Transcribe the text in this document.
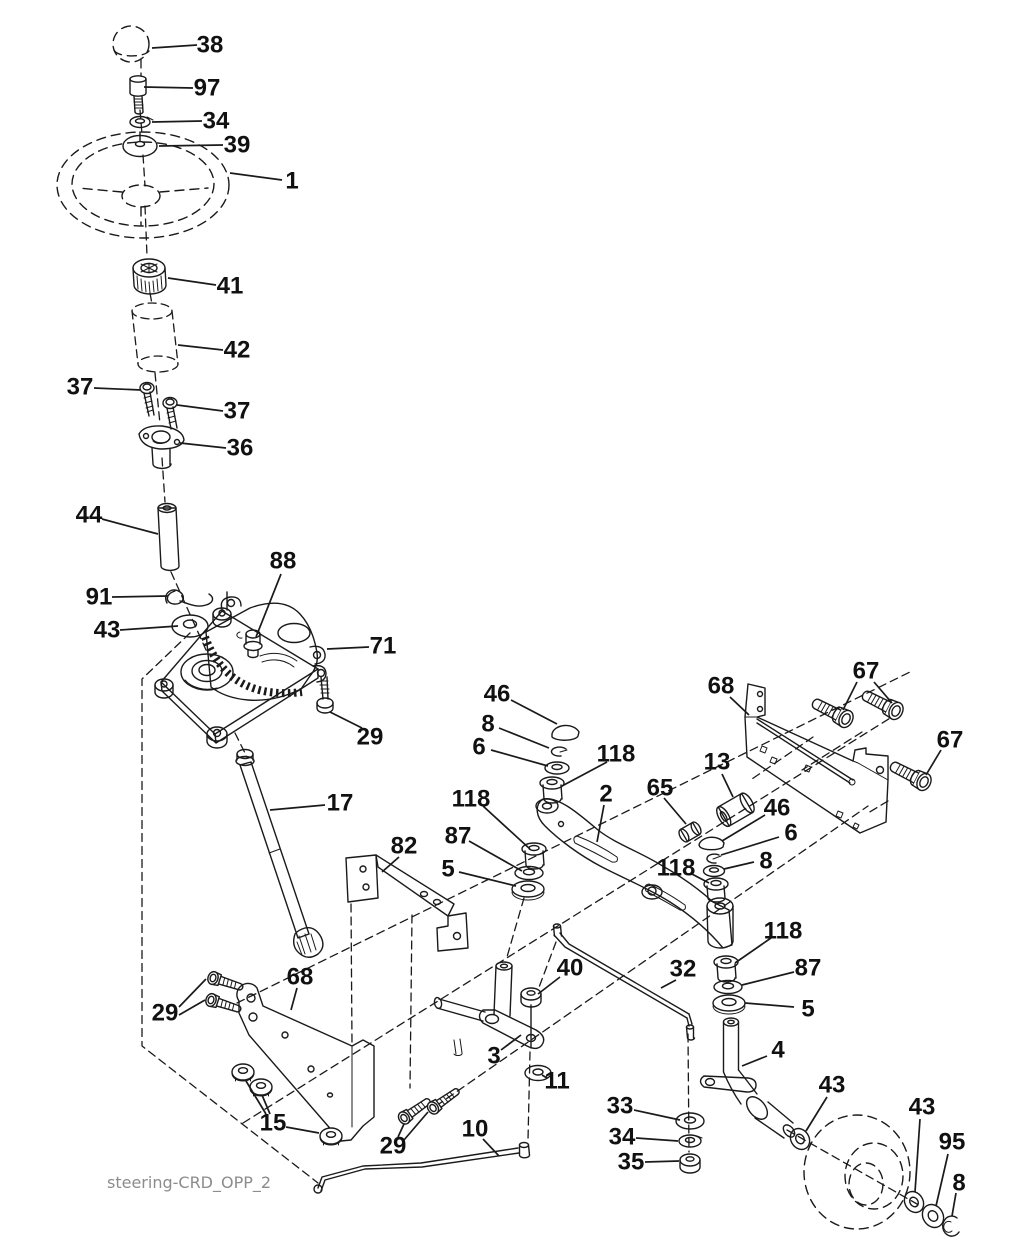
steering-CRD_OPP_2
38
97
34
39
1
41
42
37
37
36
44
91
43
88
71
29
17
82
46
8
6	118
2
118
87
5
65
13
46
6
8
118
118
87
5
68
67
67
32
40
3
11
10
33
34
35
4
43
43
95
8
68
29
15
29
